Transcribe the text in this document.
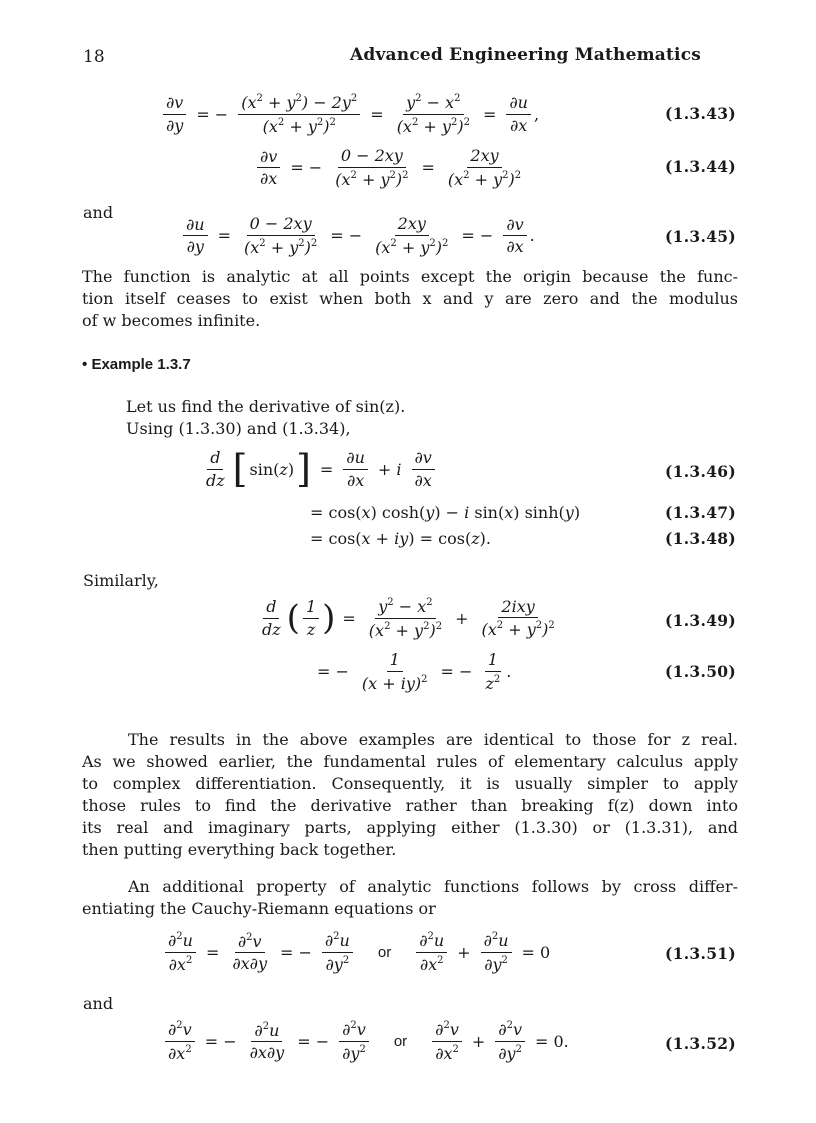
18	Advanced Engineering Mathematics
$\frac{\partial v}{\partial y}$ = − $\frac{(x^2 + y^2) - 2y^2}{(x^2 + y^2)^2} = \frac{y^2 - x^2}{(x^2 + y^2)^2} = \frac{\partial u}{\partial x}$ ,	(1.3.43)
$\frac{\partial v}{\partial x}$ = − $\frac{0 - 2xy}{(x^2 + y^2)^2} = \frac{2xy}{(x^2 + y^2)^2}$	(1.3.44)
and
$\frac{\partial u}{\partial y} = \frac{0 - 2xy}{(x^2 + y^2)^2}$ = − $\frac{2xy}{(x^2 + y^2)^2}$ = − $\frac{\partial v}{\partial x}$ .	(1.3.45)
The function is analytic at all points except the origin because the func-
tion itself ceases to exist when both x and y are zero and the modulus
of w becomes infinite.
• Example 1.3.7
Let us find the derivative of sin(z).
Using (1.3.30) and (1.3.34),
$\frac{d}{dz}$ [ sin(z) ] = $\frac{\partial u}{\partial x} + i \frac{\partial v}{\partial x}$	(1.3.46)
= cos(x) cosh(y) − i sin(x) sinh(y)	(1.3.47)
= cos(x + iy) = cos(z).	(1.3.48)
Similarly,
$\frac{d}{dz}$ ( $\frac{1}{z}$ ) = $\frac{y^2 - x^2}{(x^2 + y^2)^2} + \frac{\text{2ixy}}{(x^2 + y^2)^2}$	(1.3.49)
= − $\frac{1}{(x + iy)^2}$ = − $\frac{1}{z^2}$ .	(1.3.50)
The results in the above examples are identical to those for z real.
As we showed earlier, the fundamental rules of elementary calculus apply
to complex differentiation. Consequently, it is usually simpler to apply
those rules to find the derivative rather than breaking f(z) down into
its real and imaginary parts, applying either (1.3.30) or (1.3.31), and
then putting everything back together.
An additional property of analytic functions follows by cross differ-
entiating the Cauchy-Riemann equations or
$\frac{\partial^2u}{\partial x^2} = \frac{\partial^2v}{\partial x\partial y}$ = − $\frac{\partial^2u}{\partial y^2}$ or $\frac{\partial^2u}{\partial x^2} + \frac{\partial^2u}{\partial y^2} = 0$	(1.3.51)
and
$\frac{\partial^2v}{\partial x^2}$ = − $\frac{\partial^2u}{\partial x\partial y}$ = − $\frac{\partial^2v}{\partial y^2}$ or $\frac{\partial^2v}{\partial x^2} + \frac{\partial^2v}{\partial y^2} = 0$.	(1.3.52)
